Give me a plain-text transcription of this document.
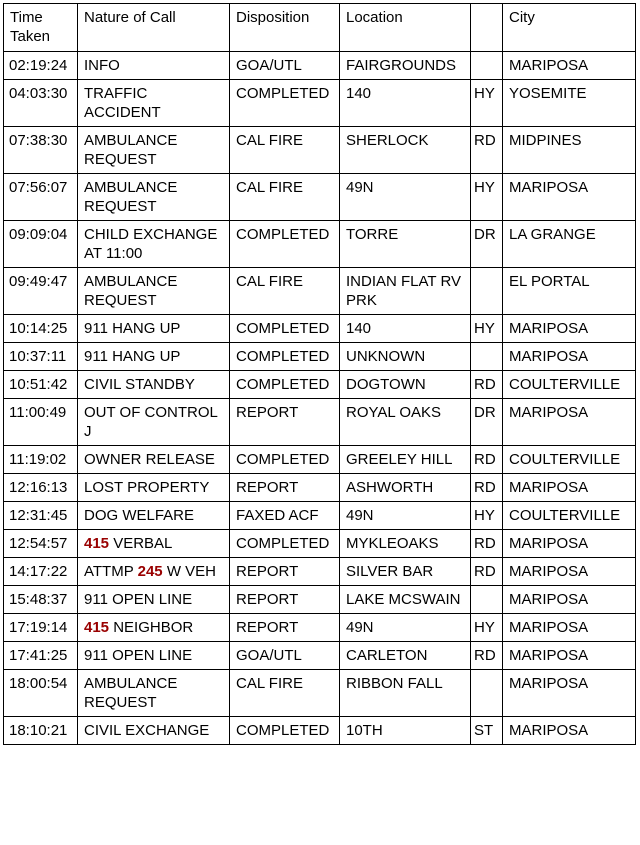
Time Taken	Nature of Call	Disposition	Location		City
02:19:24	INFO	GOA/UTL	FAIRGROUNDS		MARIPOSA
04:03:30	TRAFFIC ACCIDENT	COMPLETED	140	HY	YOSEMITE
07:38:30	AMBULANCE REQUEST	CAL FIRE	SHERLOCK	RD	MIDPINES
07:56:07	AMBULANCE REQUEST	CAL FIRE	49N	HY	MARIPOSA
09:09:04	CHILD EXCHANGE AT 11:00	COMPLETED	TORRE	DR	LA GRANGE
09:49:47	AMBULANCE REQUEST	CAL FIRE	INDIAN FLAT RV PRK		EL PORTAL
10:14:25	911 HANG UP	COMPLETED	140	HY	MARIPOSA
10:37:11	911 HANG UP	COMPLETED	UNKNOWN		MARIPOSA
10:51:42	CIVIL STANDBY	COMPLETED	DOGTOWN	RD	COULTERVILLE
11:00:49	OUT OF CONTROL J	REPORT	ROYAL OAKS	DR	MARIPOSA
11:19:02	OWNER RELEASE	COMPLETED	GREELEY HILL	RD	COULTERVILLE
12:16:13	LOST PROPERTY	REPORT	ASHWORTH	RD	MARIPOSA
12:31:45	DOG WELFARE	FAXED ACF	49N	HY	COULTERVILLE
12:54:57	415 VERBAL	COMPLETED	MYKLEOAKS	RD	MARIPOSA
14:17:22	ATTMP 245 W VEH	REPORT	SILVER BAR	RD	MARIPOSA
15:48:37	911 OPEN LINE	REPORT	LAKE MCSWAIN		MARIPOSA
17:19:14	415 NEIGHBOR	REPORT	49N	HY	MARIPOSA
17:41:25	911 OPEN LINE	GOA/UTL	CARLETON	RD	MARIPOSA
18:00:54	AMBULANCE REQUEST	CAL FIRE	RIBBON FALL		MARIPOSA
18:10:21	CIVIL EXCHANGE	COMPLETED	10TH	ST	MARIPOSA
